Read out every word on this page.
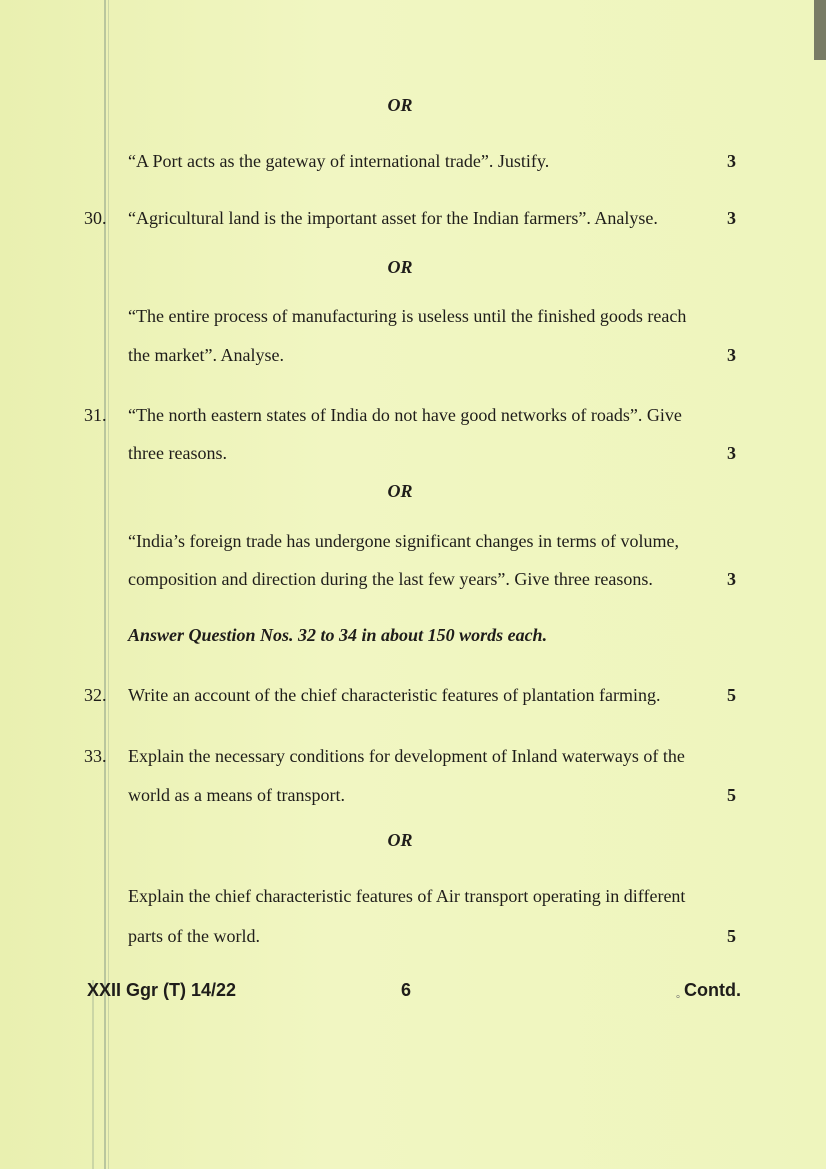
OR
“A Port acts as the gateway of international trade”. Justify.	3
30. “Agricultural land is the important asset for the Indian farmers”. Analyse.	3
OR
“The entire process of manufacturing is useless until the finished goods reach
the market”. Analyse.	3
31. “The north eastern states of India do not have good networks of roads”. Give
three reasons.	3
OR
“India’s foreign trade has undergone significant changes in terms of volume,
composition and direction during the last few years”. Give three reasons.	3
Answer Question Nos. 32 to 34 in about 150 words each.
32. Write an account of the chief characteristic features of plantation farming.	5
33. Explain the necessary conditions for development of Inland waterways of the
world as a means of transport.	5
OR
Explain the chief characteristic features of Air transport operating in different
parts of the world.	5
XXII Ggr (T) 14/22	6	° Contd.
